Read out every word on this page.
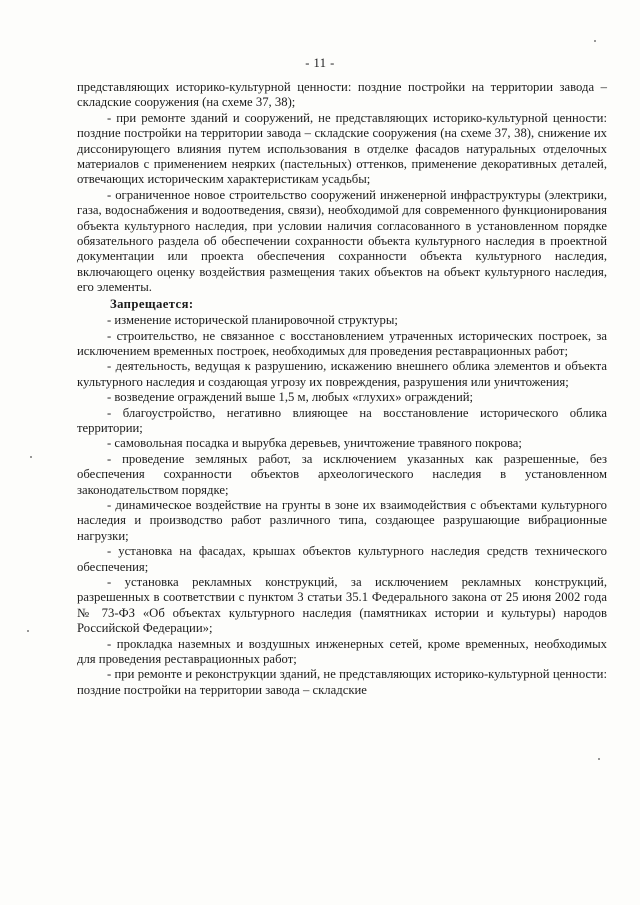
- 11 -

представляющих историко-культурной ценности: поздние постройки на территории завода – складские сооружения (на схеме 37, 38);

- при ремонте зданий и сооружений, не представляющих историко-культурной ценности: поздние постройки на территории завода – складские сооружения (на схеме 37, 38), снижение их диссонирующего влияния путем использования в отделке фасадов натуральных отделочных материалов с применением неярких (пастельных) оттенков, применение декоративных деталей, отвечающих историческим характеристикам усадьбы;

- ограниченное новое строительство сооружений инженерной инфраструктуры (электрики, газа, водоснабжения и водоотведения, связи), необходимой для современного функционирования объекта культурного наследия, при условии наличия согласованного в установленном порядке обязательного раздела об обеспечении сохранности объекта культурного наследия в проектной документации или проекта обеспечения сохранности объекта культурного наследия, включающего оценку воздействия размещения таких объектов на объект культурного наследия, его элементы.

Запрещается:

- изменение исторической планировочной структуры;

- строительство, не связанное с восстановлением утраченных исторических построек, за исключением временных построек, необходимых для проведения реставрационных работ;

- деятельность, ведущая к разрушению, искажению внешнего облика элементов и объекта культурного наследия и создающая угрозу их повреждения, разрушения или уничтожения;

- возведение ограждений выше 1,5 м, любых «глухих» ограждений;

- благоустройство, негативно влияющее на восстановление исторического облика территории;

- самовольная посадка и вырубка деревьев, уничтожение травяного покрова;

- проведение земляных работ, за исключением указанных как разрешенные, без обеспечения сохранности объектов археологического наследия в установленном законодательством порядке;

- динамическое воздействие на грунты в зоне их взаимодействия с объектами культурного наследия и производство работ различного типа, создающее разрушающие вибрационные нагрузки;

- установка на фасадах, крышах объектов культурного наследия средств технического обеспечения;

- установка рекламных конструкций, за исключением рекламных конструкций, разрешенных в соответствии с пунктом 3 статьи 35.1 Федерального закона от 25 июня 2002 года № 73-ФЗ «Об объектах культурного наследия (памятниках истории и культуры) народов Российской Федерации»;

- прокладка наземных и воздушных инженерных сетей, кроме временных, необходимых для проведения реставрационных работ;

- при ремонте и реконструкции зданий, не представляющих историко-культурной ценности: поздние постройки на территории завода – складские
